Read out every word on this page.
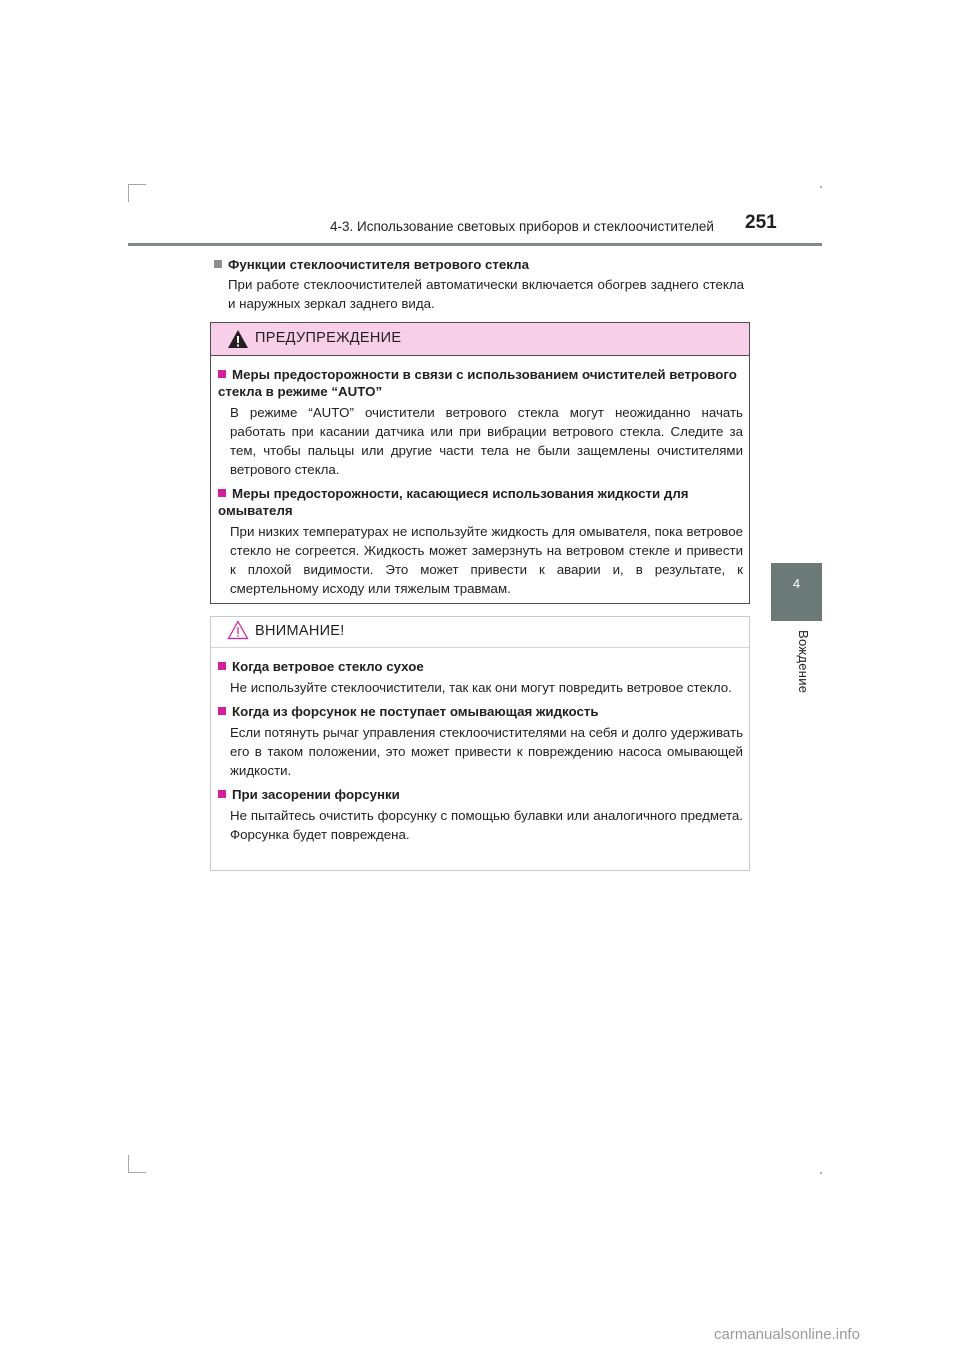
4-3. Использование световых приборов и стеклоочистителей 251
4
Вождение
Функции стеклоочистителя ветрового стекла
При работе стеклоочистителей автоматически включается обогрев заднего стекла и наружных зеркал заднего вида.
ПРЕДУПРЕЖДЕНИЕ
Меры предосторожности в связи с использованием очистителей ветрового стекла в режиме “AUTO”
В режиме “AUTO” очистители ветрового стекла могут неожиданно начать работать при касании датчика или при вибрации ветрового стекла. Следите за тем, чтобы пальцы или другие части тела не были защемлены очистителями ветрового стекла.
Меры предосторожности, касающиеся использования жидкости для омывателя
При низких температурах не используйте жидкость для омывателя, пока ветровое стекло не согреется. Жидкость может замерзнуть на ветровом стекле и привести к плохой видимости. Это может привести к аварии и, в результате, к смертельному исходу или тяжелым травмам.
ВНИМАНИЕ!
Когда ветровое стекло сухое
Не используйте стеклоочистители, так как они могут повредить ветровое стекло.
Когда из форсунок не поступает омывающая жидкость
Если потянуть рычаг управления стеклоочистителями на себя и долго удерживать его в таком положении, это может привести к повреждению насоса омывающей жидкости.
При засорении форсунки
Не пытайтесь очистить форсунку с помощью булавки или аналогичного предмета. Форсунка будет повреждена.
carmanualsonline.info
